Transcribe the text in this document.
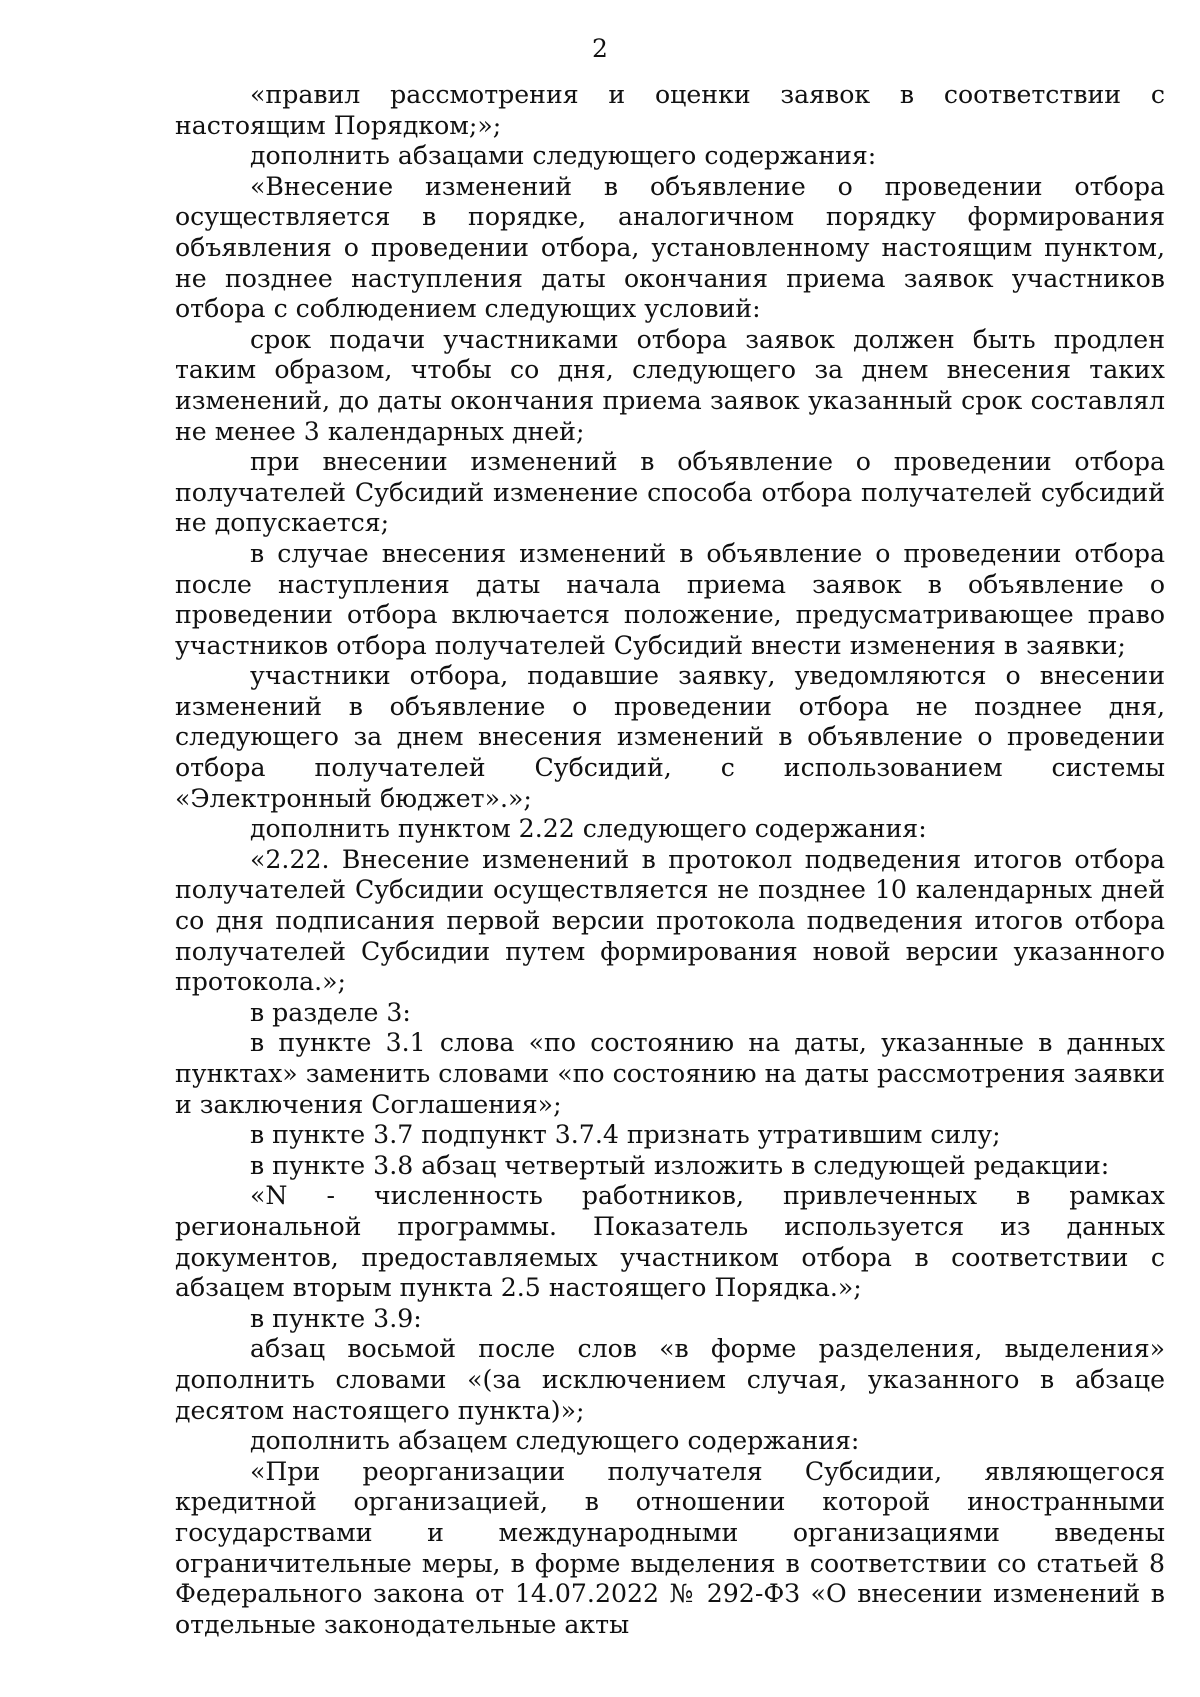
2

«правил рассмотрения и оценки заявок в соответствии с настоящим Порядком;»;

дополнить абзацами следующего содержания:

«Внесение изменений в объявление о проведении отбора осуществляется в порядке, аналогичном порядку формирования объявления о проведении отбора, установленному настоящим пунктом, не позднее наступления даты окончания приема заявок участников отбора с соблюдением следующих условий:

срок подачи участниками отбора заявок должен быть продлен таким образом, чтобы со дня, следующего за днем внесения таких изменений, до даты окончания приема заявок указанный срок составлял не менее 3 календарных дней;

при внесении изменений в объявление о проведении отбора получателей Субсидий изменение способа отбора получателей субсидий не допускается;

в случае внесения изменений в объявление о проведении отбора после наступления даты начала приема заявок в объявление о проведении отбора включается положение, предусматривающее право участников отбора получателей Субсидий внести изменения в заявки;

участники отбора, подавшие заявку, уведомляются о внесении изменений в объявление о проведении отбора не позднее дня, следующего за днем внесения изменений в объявление о проведении отбора получателей Субсидий, с использованием системы «Электронный бюджет».»;

дополнить пунктом 2.22 следующего содержания:

«2.22. Внесение изменений в протокол подведения итогов отбора получателей Субсидии осуществляется не позднее 10 календарных дней со дня подписания первой версии протокола подведения итогов отбора получателей Субсидии путем формирования новой версии указанного протокола.»;

в разделе 3:

в пункте 3.1 слова «по состоянию на даты, указанные в данных пунктах» заменить словами «по состоянию на даты рассмотрения заявки и заключения Соглашения»;

в пункте 3.7 подпункт 3.7.4 признать утратившим силу;

в пункте 3.8 абзац четвертый изложить в следующей редакции:

«N - численность работников, привлеченных в рамках региональной программы. Показатель используется из данных документов, предоставляемых участником отбора в соответствии с абзацем вторым пункта 2.5 настоящего Порядка.»;

в пункте 3.9:

абзац восьмой после слов «в форме разделения, выделения» дополнить словами «(за исключением случая, указанного в абзаце десятом настоящего пункта)»;

дополнить абзацем следующего содержания:

«При реорганизации получателя Субсидии, являющегося кредитной организацией, в отношении которой иностранными государствами и международными организациями введены ограничительные меры, в форме выделения в соответствии со статьей 8 Федерального закона от 14.07.2022 № 292-ФЗ «О внесении изменений в отдельные законодательные акты
